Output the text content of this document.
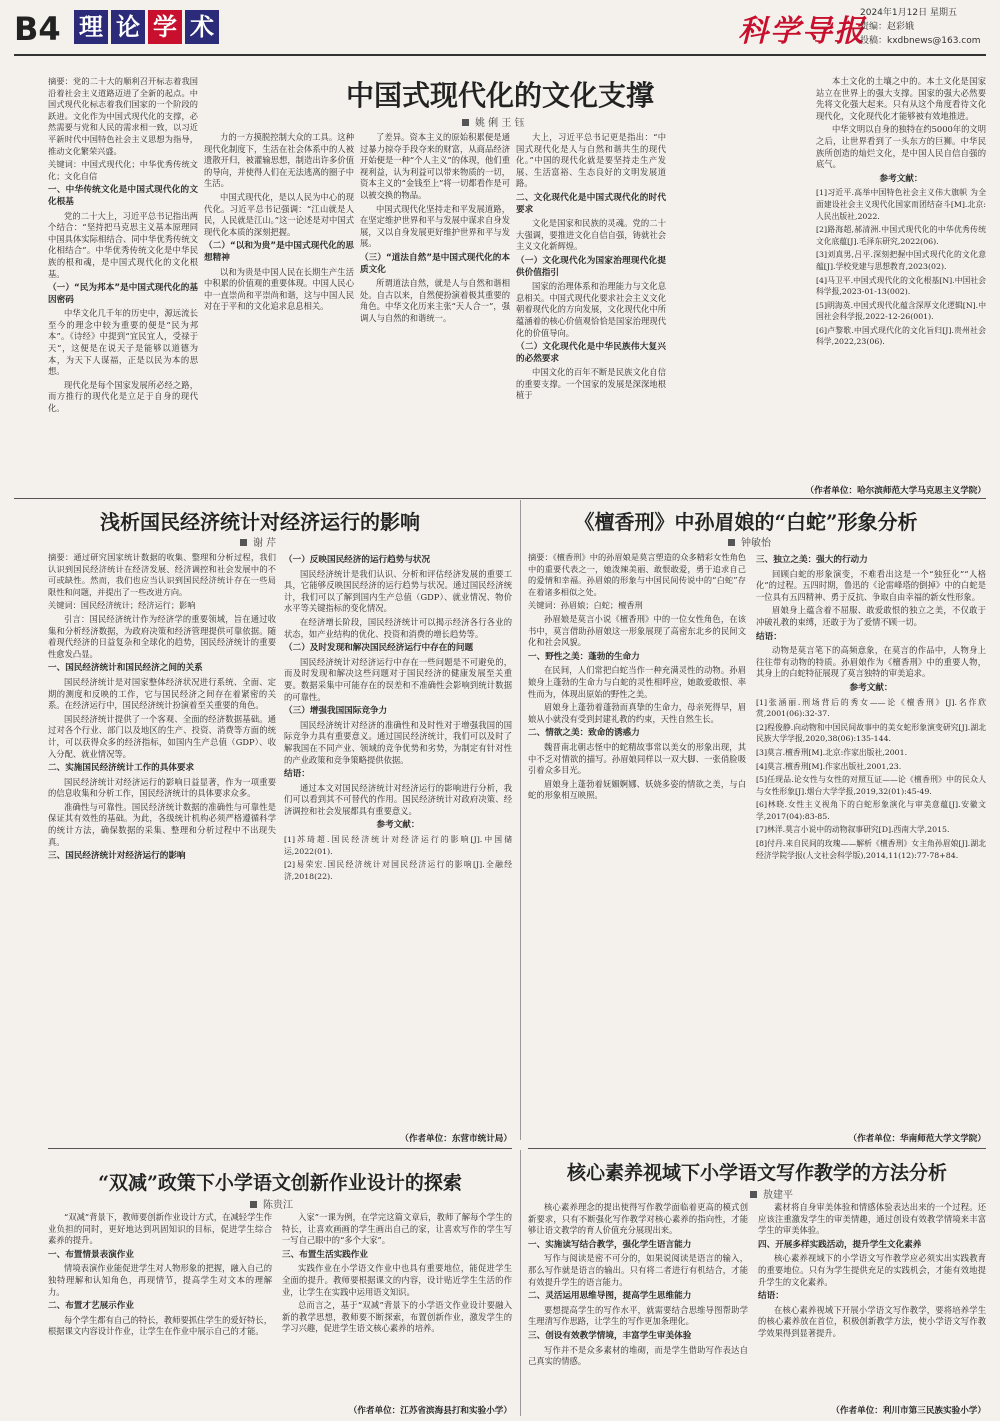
B4 理 论 学 术	科学导报
2024年1月12日 星期五
责编：赵彩娥
投稿：kxdbnews@163.com
中国式现代化的文化支撑
姚 俐 王 钰

摘要：党的二十大的顺利召开标志着我国沿着社会主义道路迈进了全新的起点。中国式现代化标志着我们国家的一个阶段的跃进。文化作为中国式现代化的支撑，必然需要与党和人民的需求相一致，以习近平新时代中国特色社会主义思想为指导，推动文化繁荣兴盛。

关键词：中国式现代化；中华优秀传统文化；文化自信

一、中华传统文化是中国式现代化的文化根基

党的二十大上，习近平总书记指出两个结合：“坚持把马克思主义基本原理同中国具体实际相结合、同中华优秀传统文化相结合”。中华优秀传统文化是中华民族的根和魂，是中国式现代化的文化根基。

（一）“民为邦本”是中国式现代化的基因密码

中华文化几千年的历史中，源远流长至今的理念中较为重要的便是“民为邦本”。《诗经》中提到“宜民宜人，受禄于天”，这便是在说天子是能够以道德为本，为天下人谋福，正是以民为本的思想。

现代化是每个国家发展所必经之路，而方推行的现代化是立足于自身的现代化。

力的一方摸脱控制大众的工具。这种现代化制度下，生活在社会体系中的人被遗散开归，被灌输思想，制造出许多价值的导向，并使得人们在无法逃离的圈子中生活。

中国式现代化，是以人民为中心的现代化。习近平总书记强调：“江山就是人民，人民就是江山。”这一论述是对中国式现代化本质的深刻把握。

（二）“以和为贵”是中国式现代化的思想精神

以和为贵是中国人民在长期生产生活中积累的价值观的重要体现。中国人民心中一直崇尚和平崇尚和谐，这与中国人民对在于平和的文化追求息息相关。

了差异。资本主义的原始积累便是通过暴力掠夺手段夺来的财富，从商品经济开始便是一种“个人主义”的体现，他们重视利益，认为利益可以带来物质的一切，资本主义的“金钱至上”将一切都看作是可以被交换的物品。

中国式现代化坚持走和平发展道路，在坚定维护世界和平与发展中谋求自身发展，又以自身发展更好维护世界和平与发展。

（三）“道法自然”是中国式现代化的本质文化

所谓道法自然，就是人与自然和谐相处。自古以来，自然便扮演着极其重要的角色。中华文化历来主张“天人合一”，强调人与自然的和谐统一。

大上，习近平总书记更是指出：“中国式现代化是人与自然和谐共生的现代化。”中国的现代化就是要坚持走生产发展、生活富裕、生态良好的文明发展道路。

二、文化现代化是中国式现代化的时代要求

文化是国家和民族的灵魂。党的二十大强调，要推进文化自信自强，铸就社会主义文化新辉煌。

（一）文化现代化为国家治理现代化提供价值指引

国家的治理体系和治理能力与文化息息相关。中国式现代化要求社会主义文化朝着现代化的方向发展，文化现代化中所蕴涵着的核心价值观恰恰是国家治理现代化的价值导向。

（二）文化现代化是中华民族伟大复兴的必然要求

中国文化的百年不断是民族文化自信的重要支撑。一个国家的发展是深深地根植于

本土文化的土壤之中的。本土文化是国家站立在世界上的强大支撑。国家的强大必然要先将文化强大起来。只有从这个角度看待文化现代化，文化现代化才能够被有效地推进。

中华文明以自身的独特在约5000年的文明之后，让世界看到了一头东方的巨狮。中华民族所创造的灿烂文化，是中国人民自信自强的底气。

参考文献：

[1]习近平.高举中国特色社会主义伟大旗帜 为全面建设社会主义现代化国家而团结奋斗[M].北京:人民出版社,2022.

[2]路海超,郝清洲.中国式现代化的中华优秀传统文化底蕴[J].毛泽东研究,2022(06).

[3]刘真男,吕平.深刻把握中国式现代化的文化意蕴[J].学校党建与思想教育,2023(02).

[4]马卫平.中国式现代化的文化根基[N].中国社会科学报,2023-01-13(002).

[5]明海英.中国式现代化蕴含深厚文化逻辑[N].中国社会科学报,2022-12-26(001).

[6]卢黎歌.中国式现代化的文化旨归[J].贵州社会科学,2022,23(06).

（作者单位：哈尔滨师范大学马克思主义学院）
浅析国民经济统计对经济运行的影响
谢 芹

摘要：通过研究国家统计数据的收集、整理和分析过程，我们认识到国民经济统计在经济发展、经济调控和社会发展中的不可或缺性。然而，我们也应当认识到国民经济统计存在一些局限性和问题，并提出了一些改进方向。

关键词：国民经济统计；经济运行；影响

引言：国民经济统计作为经济学的重要领域，旨在通过收集和分析经济数据，为政府决策和经济管理提供可靠依据。随着现代经济的日益复杂和全球化的趋势，国民经济统计的重要性愈发凸显。

一、国民经济统计和国民经济之间的关系

国民经济统计是对国家整体经济状况进行系统、全面、定期的测度和反映的工作，它与国民经济之间存在着紧密的关系。在经济运行中，国民经济统计扮演着至关重要的角色。

国民经济统计提供了一个客观、全面的经济数据基础。通过对各个行业、部门以及地区的生产、投资、消费等方面的统计，可以获得众多的经济指标，如国内生产总值（GDP）、收入分配、就业情况等。

二、实施国民经济统计工作的具体要求

国民经济统计对经济运行的影响日益显著，作为一项重要的信息收集和分析工作，国民经济统计的具体要求众多。

准确性与可靠性。国民经济统计数据的准确性与可靠性是保证其有效性的基础。为此，各级统计机构必须严格遵循科学的统计方法，确保数据的采集、整理和分析过程中不出现失真。

三、国民经济统计对经济运行的影响
（一）反映国民经济的运行趋势与状况

国民经济统计是我们认识、分析和评估经济发展的重要工具，它能够反映国民经济的运行趋势与状况。通过国民经济统计，我们可以了解到国内生产总值（GDP）、就业情况、物价水平等关键指标的变化情况。

在经济增长阶段，国民经济统计可以揭示经济各行各业的状态，如产业结构的优化、投资和消费的增长趋势等。

（二）及时发现和解决国民经济运行中存在的问题

国民经济统计对经济运行中存在一些问题是不可避免的，而及时发现和解决这些问题对于国民经济的健康发展至关重要。数据采集中可能存在的误差和不准确性会影响到统计数据的可靠性。

（三）增强我国国际竞争力

国民经济统计对经济的准确性和及时性对于增强我国的国际竞争力具有重要意义。通过国民经济统计，我们可以及时了解我国在不同产业、领域的竞争优势和劣势，为制定有针对性的产业政策和竞争策略提供依据。

结语：

通过本文对国民经济统计对经济运行的影响进行分析，我们可以看到其不可替代的作用。国民经济统计对政府决策、经济调控和社会发展都具有重要意义。

参考文献：

[1]苏琦超.国民经济统计对经济运行的影响[J].中国储运,2022(01).

[2]易荣宏.国民经济统计对国民经济运行的影响[J].全融经济,2018(22).

（作者单位：东营市统计局）
《檀香刑》中孙眉娘的“白蛇”形象分析
钟敏怡

摘要：《檀香刑》中的孙眉娘是莫言塑造的众多精彩女性角色中的重要代表之一，她泼辣美丽、敢恨敢爱，勇于追求自己的爱情和幸福。孙眉娘的形象与中国民间传说中的“白蛇”存在着诸多相似之处。

关键词：孙眉娘；白蛇；檀香刑

孙眉娘是莫言小说《檀香刑》中的一位女性角色，在该书中，莫言借助孙眉娘这一形象展现了高密东北乡的民间文化和社会风貌。

一、野性之美：蓬勃的生命力

在民间，人们常把白蛇当作一种充满灵性的动物。孙眉娘身上蓬勃的生命力与白蛇的灵性相呼应，她敢爱敢恨、率性而为，体现出原始的野性之美。

眉娘身上蓬勃着蓬勃而真挚的生命力，母亲死得早，眉娘从小就没有受到封建礼教的约束，天性自然生长。

二、情欲之美：致命的诱惑力

魏晋南北朝志怪中的蛇精故事常以美女的形象出现，其中不乏对情欲的描写。孙眉娘同样以一双大脚、一张俏脸吸引着众多目光。

眉娘身上蓬勃着妩媚婀娜、妖娆多姿的情欲之美，与白蛇的形象相互映照。

三、独立之美：强大的行动力

回顾白蛇的形象演变，不难看出这是一个“独狂化”“人格化”的过程。五四时期，鲁迅的《论雷峰塔的倒掉》中的白蛇是一位具有五四精神、勇于反抗、争取自由幸福的新女性形象。

眉娘身上蕴含着不屈服、敢爱敢恨的独立之美，不仅敢于冲破礼教的束缚，还敢于为了爱情不顾一切。

结语：

动物是莫言笔下的高频意象，在莫言的作品中，人物身上往往带有动物的特质。孙眉娘作为《檀香刑》中的重要人物，其身上的白蛇特征展现了莫言独特的审美追求。

参考文献：

[1]张涵丽.刑场背后的秀女——论《檀香刑》[J].名作欣赏,2001(06):32-37.

[2]程俊静.向动物和中国民间故事中的美女蛇形象演变研究[J].湖北民族大学学报,2020,38(06):135-144.

[3]莫言.檀香刑[M].北京:作家出版社,2001.

[4]莫言.檀香刑[M].作家出版社,2001,23.

[5]任现品.论女性与女性的对照互证——论《檀香刑》中的民众人与女性形象[J].烟台大学学报,2019,32(01):45-49.

[6]林晓.女性主义视角下的白蛇形象演化与审美意蕴[J].安徽文学,2017(04):83-85.

[7]林洋.莫言小说中的动物叙事研究[D].西南大学,2015.

[8]付丹.来自民间的玫瑰——解析《檀香刑》女主角孙眉娘[J].湖北经济学院学报(人文社会科学版),2014,11(12):77-78+84.

（作者单位：华南师范大学文学院）
核心素养视域下小学语文写作教学的方法分析
敖建平

核心素养理念的提出使得写作教学面临着更高的模式创新要求，只有不断强化写作教学对核心素养的指向性，才能够让语文教学的育人价值充分展现出来。

一、实施读写结合教学，强化学生语言能力

写作与阅读是密不可分的，如果说阅读是语言的输入，那么写作就是语言的输出。只有将二者进行有机结合，才能有效提升学生的语言能力。

二、灵活运用思维导图，提高学生思维能力

要想提高学生的写作水平，就需要结合思维导图帮助学生理清写作思路，让学生的写作更加条理化。

三、创设有效教学情境，丰富学生审美体验

写作并不是众多素材的堆砌，而是学生借助写作表达自己真实的情感。

素材将自身审美体验和情感体验表达出来的一个过程。还应该注重激发学生的审美情趣，通过创设有效教学情境来丰富学生的审美体验。

四、开展多样实践活动，提升学生文化素养

核心素养视域下的小学语文写作教学应必须实出实践教育的重要地位。只有为学生提供充足的实践机会，才能有效地提升学生的文化素养。

结语：

在核心素养视域下开展小学语文写作教学，要将培养学生的核心素养放在首位，积极创新教学方法，使小学语文写作教学效果得到显著提升。

（作者单位：利川市第三民族实验小学）
“双减”政策下小学语文创新作业设计的探索
陈贵江

“双减”背景下，教师要创新作业设计方式，在减轻学生作业负担的同时，更好地达到巩固知识的目标，促进学生综合素养的提升。

一、布置情景表演作业

情境表演作业能促进学生对人物形象的把握，融入自己的独特理解和认知角色，再现情节，提高学生对文本的理解力。

二、布置才艺展示作业

每个学生都有自己的特长，教师要抓住学生的爱好特长，根据课文内容设计作业，让学生在作业中展示自己的才能。

入家”一课为例，在学完这篇文章后，教师了解每个学生的特长，让喜欢画画的学生画出自己的家，让喜欢写作的学生写一写自己眼中的“多个大家”。

三、布置生活实践作业

实践作业在小学语文作业中也具有重要地位，能促进学生全面的提升。教师要根据课文的内容，设计贴近学生生活的作业，让学生在实践中运用语文知识。

总而言之，基于“双减”背景下的小学语文作业设计要融入新的教学思想，教师要不断探索，布置创新作业，激发学生的学习兴趣，促进学生语文核心素养的培养。

（作者单位：江苏省滨海县打和实验小学）
